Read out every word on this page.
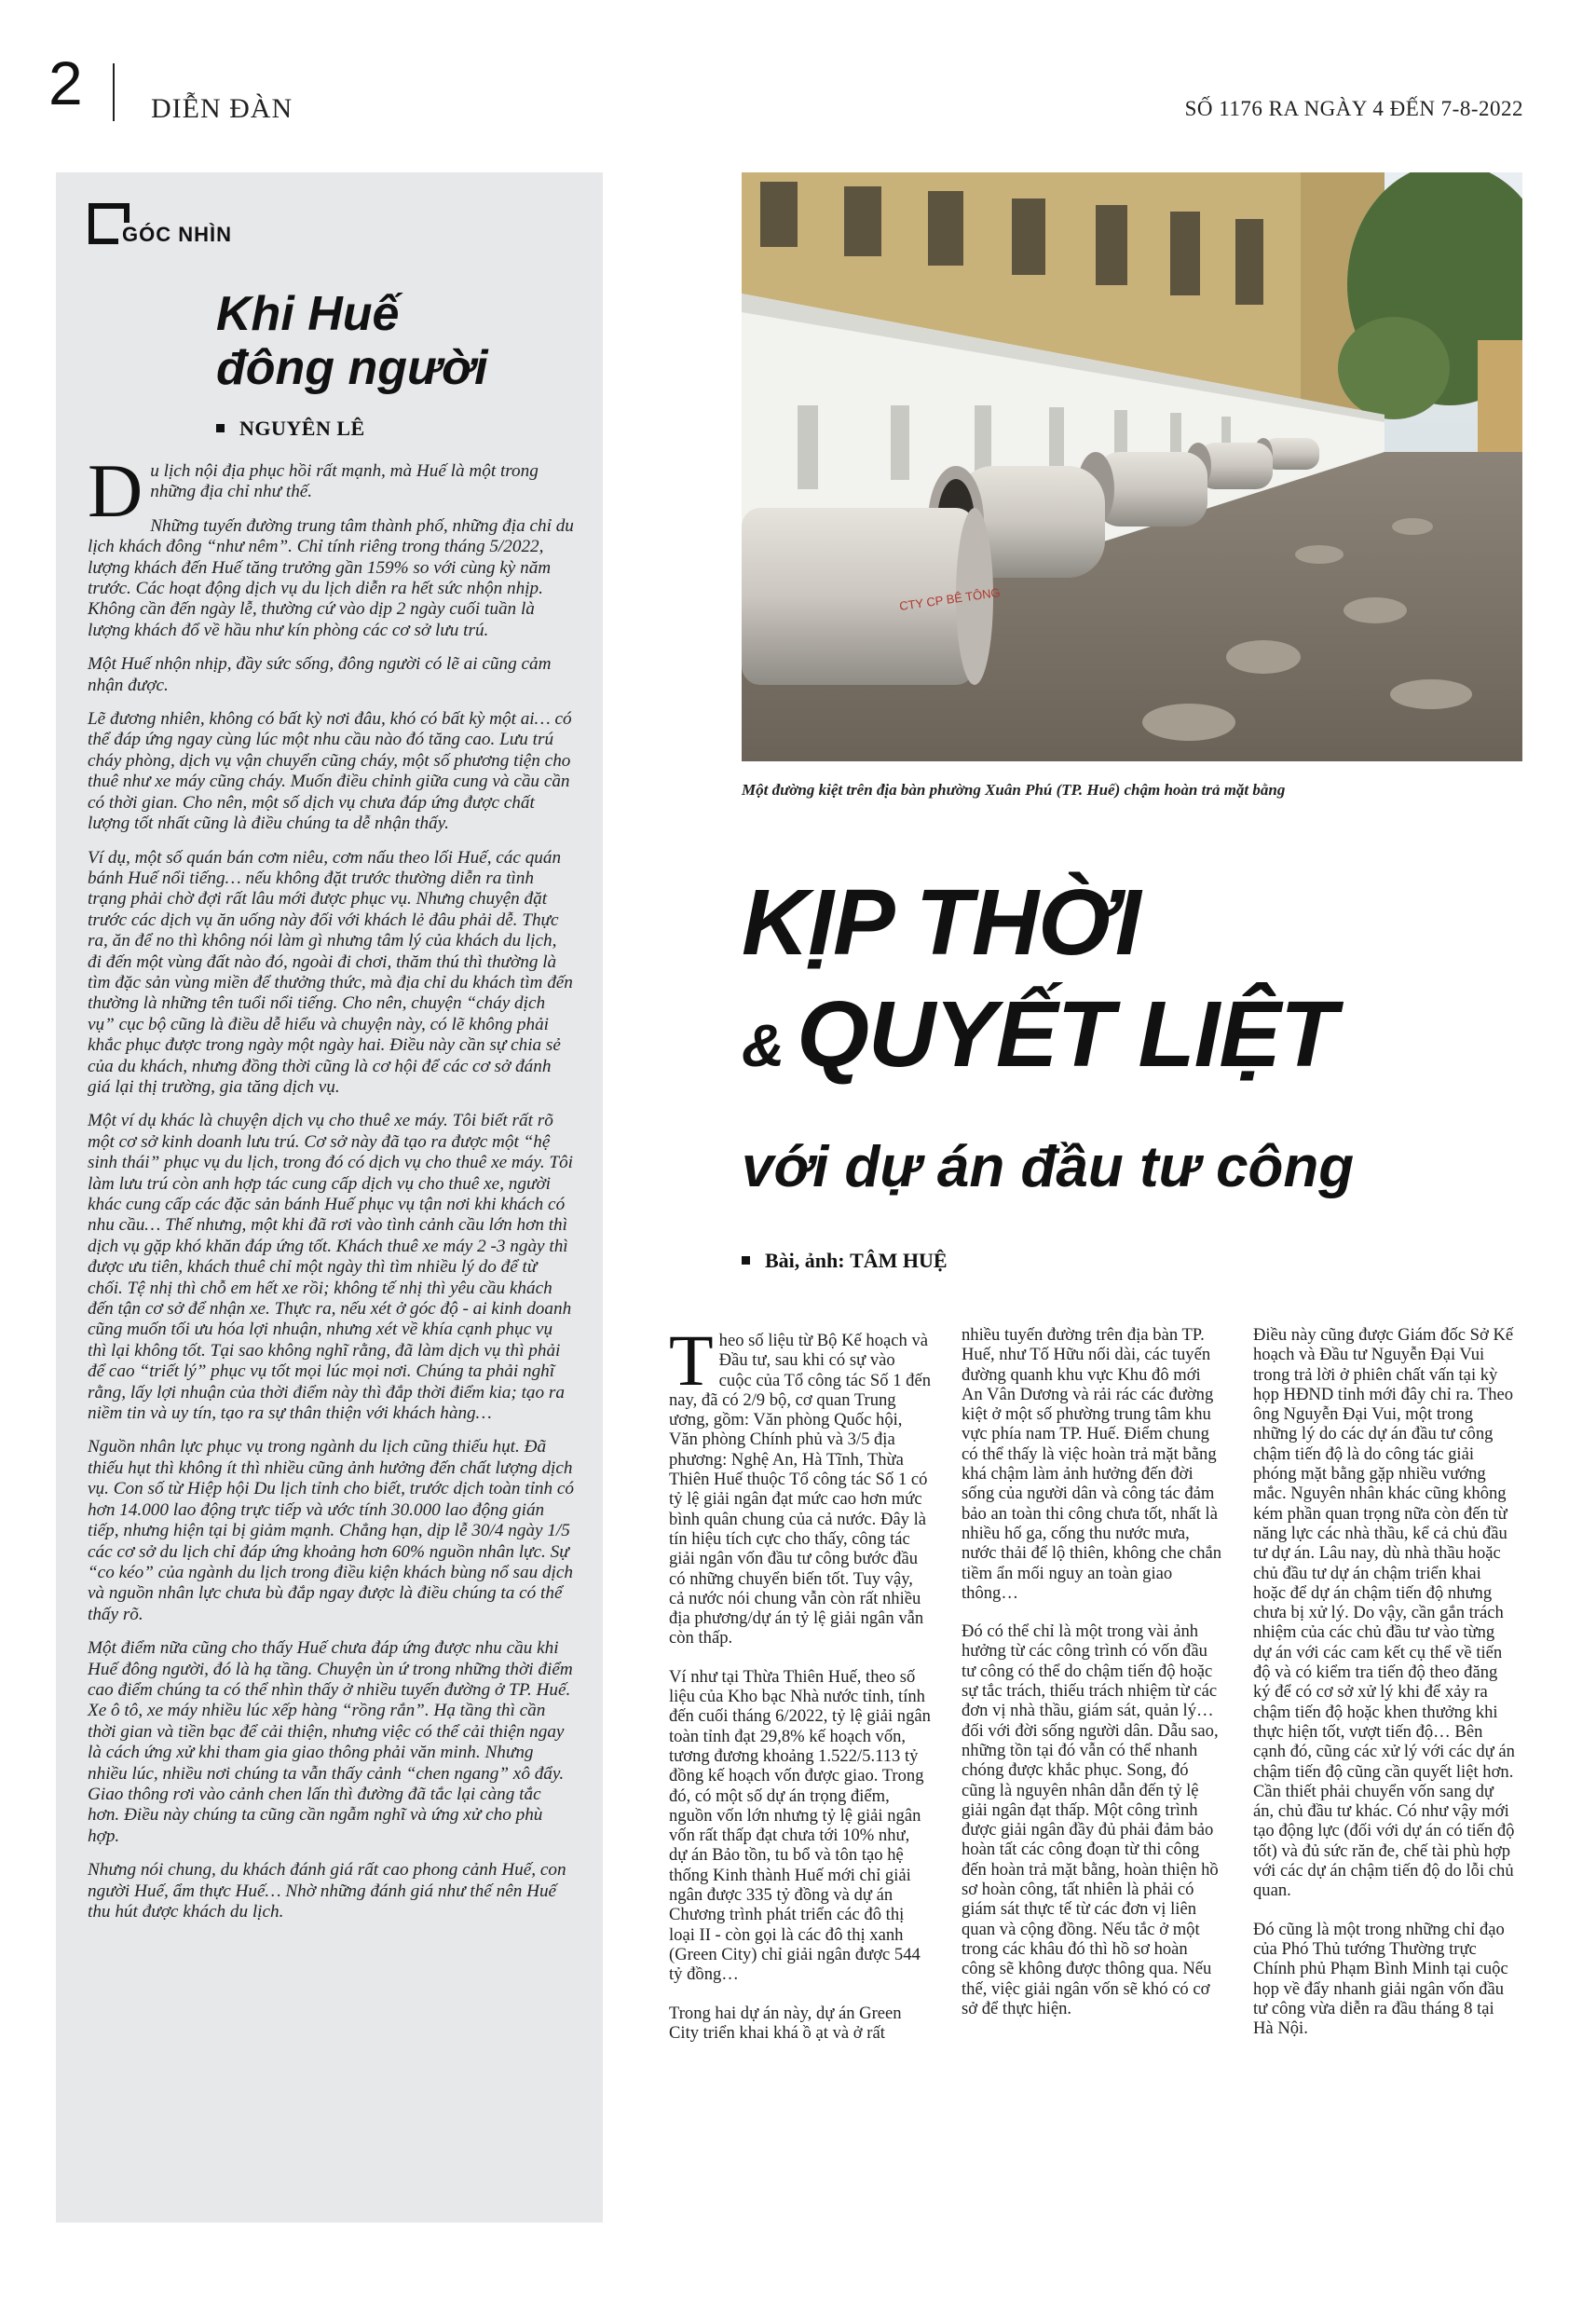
2 DIỄN ĐÀN	SỐ 1176 RA NGÀY 4 ĐẾN 7-8-2022
GÓC NHÌN
Khi Huế
đông người
NGUYÊN LÊ

Du lịch nội địa phục hồi rất mạnh, mà Huế là một trong những địa chỉ như thế.

Những tuyến đường trung tâm thành phố, những địa chỉ du lịch khách đông “như nêm”. Chỉ tính riêng trong tháng 5/2022, lượng khách đến Huế tăng trưởng gần 159% so với cùng kỳ năm trước. Các hoạt động dịch vụ du lịch diễn ra hết sức nhộn nhịp. Không cần đến ngày lễ, thường cứ vào dịp 2 ngày cuối tuần là lượng khách đổ về hầu như kín phòng các cơ sở lưu trú.

Một Huế nhộn nhịp, đầy sức sống, đông người có lẽ ai cũng cảm nhận được.

Lẽ đương nhiên, không có bất kỳ nơi đâu, khó có bất kỳ một ai… có thể đáp ứng ngay cùng lúc một nhu cầu nào đó tăng cao. Lưu trú cháy phòng, dịch vụ vận chuyển cũng cháy, một số phương tiện cho thuê như xe máy cũng cháy. Muốn điều chỉnh giữa cung và cầu cần có thời gian. Cho nên, một số dịch vụ chưa đáp ứng được chất lượng tốt nhất cũng là điều chúng ta dễ nhận thấy.

Ví dụ, một số quán bán cơm niêu, cơm nấu theo lối Huế, các quán bánh Huế nổi tiếng… nếu không đặt trước thường diễn ra tình trạng phải chờ đợi rất lâu mới được phục vụ. Nhưng chuyện đặt trước các dịch vụ ăn uống này đối với khách lẻ đâu phải dễ. Thực ra, ăn để no thì không nói làm gì nhưng tâm lý của khách du lịch, đi đến một vùng đất nào đó, ngoài đi chơi, thăm thú thì thường là tìm đặc sản vùng miền để thưởng thức, mà địa chỉ du khách tìm đến thường là những tên tuổi nổi tiếng. Cho nên, chuyện “cháy dịch vụ” cục bộ cũng là điều dễ hiểu và chuyện này, có lẽ không phải khắc phục được trong ngày một ngày hai. Điều này cần sự chia sẻ của du khách, nhưng đồng thời cũng là cơ hội để các cơ sở đánh giá lại thị trường, gia tăng dịch vụ.

Một ví dụ khác là chuyện dịch vụ cho thuê xe máy. Tôi biết rất rõ một cơ sở kinh doanh lưu trú. Cơ sở này đã tạo ra được một “hệ sinh thái” phục vụ du lịch, trong đó có dịch vụ cho thuê xe máy. Tôi làm lưu trú còn anh hợp tác cung cấp dịch vụ cho thuê xe, người khác cung cấp các đặc sản bánh Huế phục vụ tận nơi khi khách có nhu cầu… Thế nhưng, một khi đã rơi vào tình cảnh cầu lớn hơn thì dịch vụ gặp khó khăn đáp ứng tốt. Khách thuê xe máy 2 -3 ngày thì được ưu tiên, khách thuê chỉ một ngày thì tìm nhiều lý do để từ chối. Tệ nhị thì chỗ em hết xe rồi; không tế nhị thì yêu cầu khách đến tận cơ sở để nhận xe. Thực ra, nếu xét ở góc độ - ai kinh doanh cũng muốn tối ưu hóa lợi nhuận, nhưng xét về khía cạnh phục vụ thì lại không tốt. Tại sao không nghĩ rằng, đã làm dịch vụ thì phải để cao “triết lý” phục vụ tốt mọi lúc mọi nơi. Chúng ta phải nghĩ rằng, lấy lợi nhuận của thời điểm này thì đắp thời điểm kia; tạo ra niềm tin và uy tín, tạo ra sự thân thiện với khách hàng…

Nguồn nhân lực phục vụ trong ngành du lịch cũng thiếu hụt. Đã thiếu hụt thì không ít thì nhiều cũng ảnh hưởng đến chất lượng dịch vụ. Con số từ Hiệp hội Du lịch tỉnh cho biết, trước dịch toàn tỉnh có hơn 14.000 lao động trực tiếp và ước tính 30.000 lao động gián tiếp, nhưng hiện tại bị giảm mạnh. Chẳng hạn, dịp lễ 30/4 ngày 1/5 các cơ sở du lịch chỉ đáp ứng khoảng hơn 60% nguồn nhân lực. Sự “co kéo” của ngành du lịch trong điều kiện khách bùng nổ sau dịch và nguồn nhân lực chưa bù đắp ngay được là điều chúng ta có thể thấy rõ.

Một điểm nữa cũng cho thấy Huế chưa đáp ứng được nhu cầu khi Huế đông người, đó là hạ tầng. Chuyện ùn ứ trong những thời điểm cao điểm chúng ta có thể nhìn thấy ở nhiều tuyến đường ở TP. Huế. Xe ô tô, xe máy nhiều lúc xếp hàng “rồng rắn”. Hạ tầng thì cần thời gian và tiền bạc để cải thiện, nhưng việc có thể cải thiện ngay là cách ứng xử khi tham gia giao thông phải văn minh. Nhưng nhiều lúc, nhiều nơi chúng ta vẫn thấy cảnh “chen ngang” xô đẩy. Giao thông rơi vào cảnh chen lấn thì đường đã tắc lại càng tắc hơn. Điều này chúng ta cũng cần ngẫm nghĩ và ứng xử cho phù hợp.

Nhưng nói chung, du khách đánh giá rất cao phong cảnh Huế, con người Huế, ẩm thực Huế… Nhờ những đánh giá như thế nên Huế thu hút được khách du lịch.

CTY CP BÊ TÔNG
Một đường kiệt trên địa bàn phường Xuân Phú (TP. Huế) chậm hoàn trả mặt bằng
KỊP THỜI
& QUYẾT LIỆT
với dự án đầu tư công
Bài, ảnh: TÂM HUỆ

Theo số liệu từ Bộ Kế hoạch và Đầu tư, sau khi có sự vào cuộc của Tổ công tác Số 1 đến nay, đã có 2/9 bộ, cơ quan Trung ương, gồm: Văn phòng Quốc hội, Văn phòng Chính phủ và 3/5 địa phương: Nghệ An, Hà Tĩnh, Thừa Thiên Huế thuộc Tổ công tác Số 1 có tỷ lệ giải ngân đạt mức cao hơn mức bình quân chung của cả nước. Đây là tín hiệu tích cực cho thấy, công tác giải ngân vốn đầu tư công bước đầu có những chuyển biến tốt. Tuy vậy, cả nước nói chung vẫn còn rất nhiều địa phương/dự án tỷ lệ giải ngân vẫn còn thấp.

Ví như tại Thừa Thiên Huế, theo số liệu của Kho bạc Nhà nước tỉnh, tính đến cuối tháng 6/2022, tỷ lệ giải ngân toàn tỉnh đạt 29,8% kế hoạch vốn, tương đương khoảng 1.522/5.113 tỷ đồng kế hoạch vốn được giao. Trong đó, có một số dự án trọng điểm, nguồn vốn lớn nhưng tỷ lệ giải ngân vốn rất thấp đạt chưa tới 10% như, dự án Bảo tồn, tu bổ và tôn tạo hệ thống Kinh thành Huế mới chỉ giải ngân được 335 tỷ đồng và dự án Chương trình phát triển các đô thị loại II - còn gọi là các đô thị xanh (Green City) chỉ giải ngân được 544 tỷ đồng…

Trong hai dự án này, dự án Green City triển khai khá ồ ạt và ở rất

nhiều tuyến đường trên địa bàn TP. Huế, như Tố Hữu nối dài, các tuyến đường quanh khu vực Khu đô mới An Vân Dương và rải rác các đường kiệt ở một số phường trung tâm khu vực phía nam TP. Huế. Điểm chung có thể thấy là việc hoàn trả mặt bằng khá chậm làm ảnh hưởng đến đời sống của người dân và công tác đảm bảo an toàn thi công chưa tốt, nhất là nhiều hố ga, cống thu nước mưa, nước thải để lộ thiên, không che chắn tiềm ẩn mối nguy an toàn giao thông…

Đó có thể chỉ là một trong vài ảnh hưởng từ các công trình có vốn đầu tư công có thể do chậm tiến độ hoặc sự tắc trách, thiếu trách nhiệm từ các đơn vị nhà thầu, giám sát, quản lý… đối với đời sống người dân. Dẫu sao, những tồn tại đó vẫn có thể nhanh chóng được khắc phục. Song, đó cũng là nguyên nhân dẫn đến tỷ lệ giải ngân đạt thấp. Một công trình được giải ngân đầy đủ phải đảm bảo hoàn tất các công đoạn từ thi công đến hoàn trả mặt bằng, hoàn thiện hồ sơ hoàn công, tất nhiên là phải có giám sát thực tế từ các đơn vị liên quan và cộng đồng. Nếu tắc ở một trong các khâu đó thì hồ sơ hoàn công sẽ không được thông qua. Nếu thế, việc giải ngân vốn sẽ khó có cơ sở để thực hiện.

Điều này cũng được Giám đốc Sở Kế hoạch và Đầu tư Nguyễn Đại Vui trong trả lời ở phiên chất vấn tại kỳ họp HĐND tỉnh mới đây chỉ ra. Theo ông Nguyễn Đại Vui, một trong những lý do các dự án đầu tư công chậm tiến độ là do công tác giải phóng mặt bằng gặp nhiều vướng mắc. Nguyên nhân khác cũng không kém phần quan trọng nữa còn đến từ năng lực các nhà thầu, kể cả chủ đầu tư dự án. Lâu nay, dù nhà thầu hoặc chủ đầu tư dự án chậm triển khai hoặc để dự án chậm tiến độ nhưng chưa bị xử lý. Do vậy, cần gắn trách nhiệm của các chủ đầu tư vào từng dự án với các cam kết cụ thể về tiến độ và có kiểm tra tiến độ theo đăng ký để có cơ sở xử lý khi để xảy ra chậm tiến độ hoặc khen thưởng khi thực hiện tốt, vượt tiến độ… Bên cạnh đó, cũng các xử lý với các dự án chậm tiến độ cũng cần quyết liệt hơn. Cần thiết phải chuyển vốn sang dự án, chủ đầu tư khác. Có như vậy mới tạo động lực (đối với dự án có tiến độ tốt) và đủ sức răn đe, chế tài phù hợp với các dự án chậm tiến độ do lỗi chủ quan.

Đó cũng là một trong những chỉ đạo của Phó Thủ tướng Thường trực Chính phủ Phạm Bình Minh tại cuộc họp về đẩy nhanh giải ngân vốn đầu tư công vừa diễn ra đầu tháng 8 tại Hà Nội.
